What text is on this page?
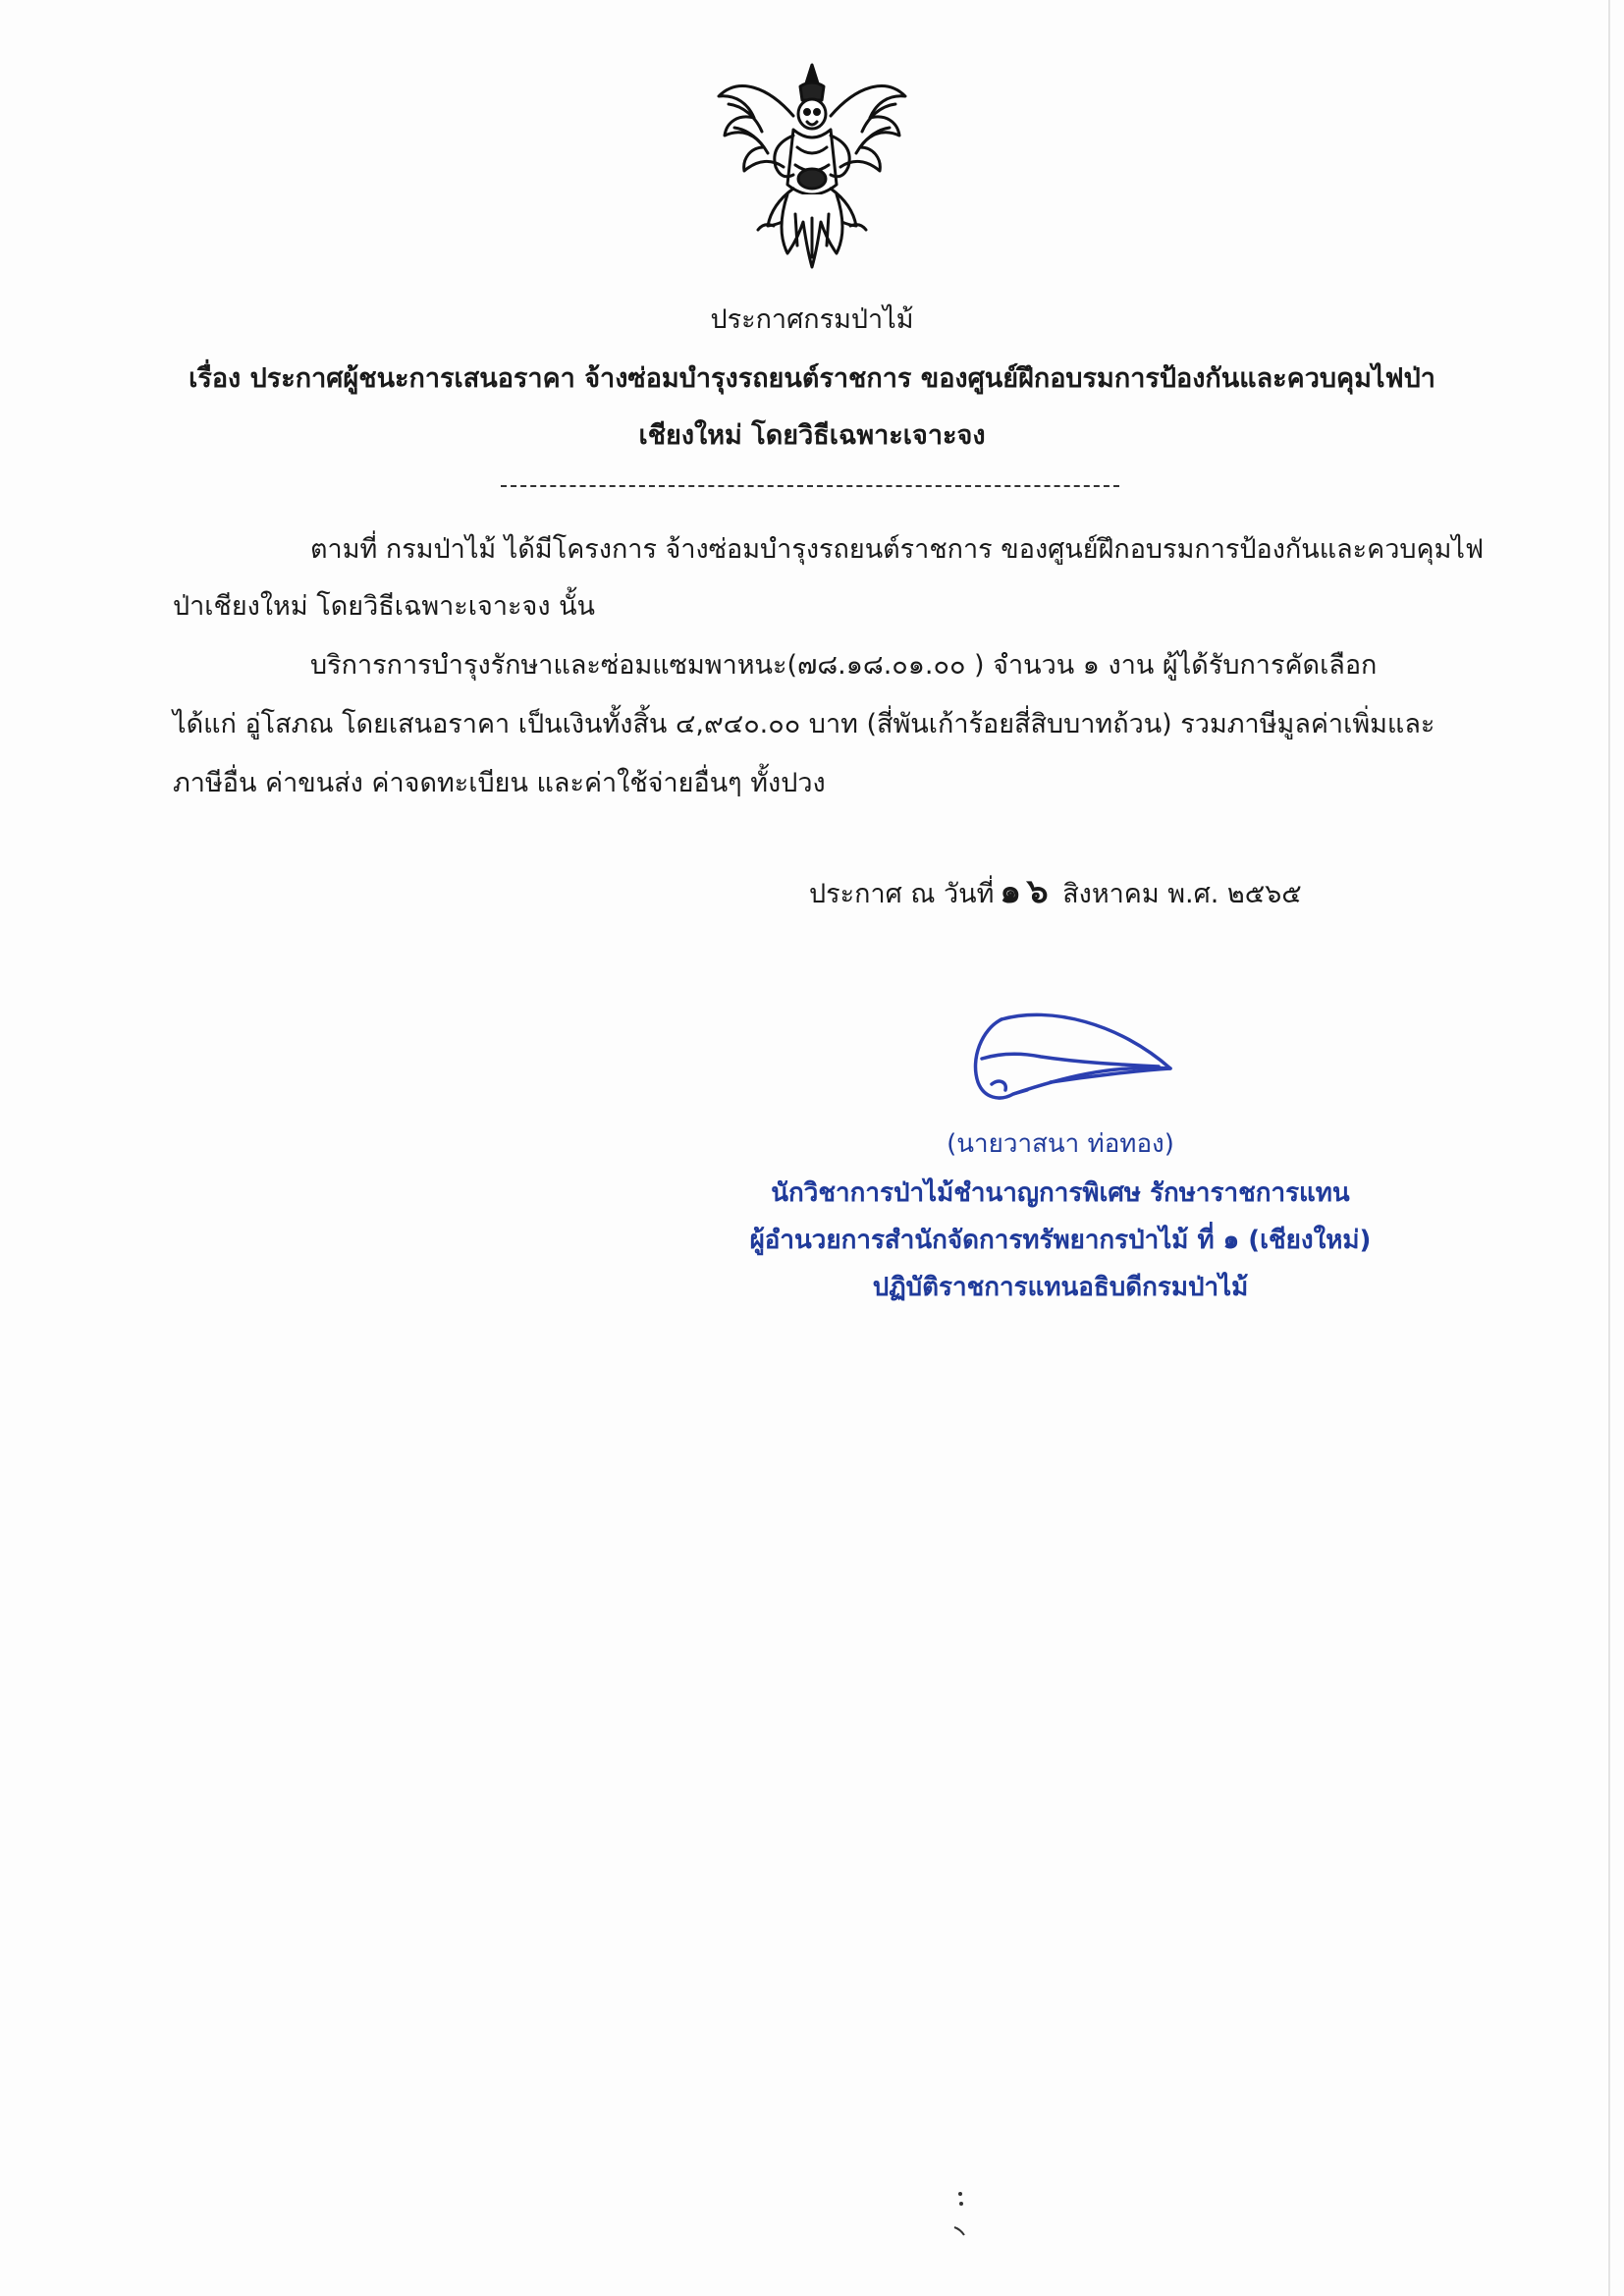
ประกาศกรมป่าไม้
เรื่อง ประกาศผู้ชนะการเสนอราคา จ้างซ่อมบำรุงรถยนต์ราชการ ของศูนย์ฝึกอบรมการป้องกันและควบคุมไฟป่า
เชียงใหม่ โดยวิธีเฉพาะเจาะจง
ตามที่ กรมป่าไม้ ได้มีโครงการ จ้างซ่อมบำรุงรถยนต์ราชการ ของศูนย์ฝึกอบรมการป้องกันและควบคุมไฟ
ป่าเชียงใหม่ โดยวิธีเฉพาะเจาะจง นั้น
บริการการบำรุงรักษาและซ่อมแซมพาหนะ(๗๘.๑๘.๐๑.๐๐ ) จำนวน ๑ งาน ผู้ได้รับการคัดเลือก
ได้แก่ อู่โสภณ โดยเสนอราคา เป็นเงินทั้งสิ้น ๔,๙๔๐.๐๐ บาท (สี่พันเก้าร้อยสี่สิบบาทถ้วน) รวมภาษีมูลค่าเพิ่มและ
ภาษีอื่น ค่าขนส่ง ค่าจดทะเบียน และค่าใช้จ่ายอื่นๆ ทั้งปวง
ประกาศ ณ วันที่ ๑๖ สิงหาคม พ.ศ. ๒๕๖๕
(นายวาสนา ท่อทอง)
นักวิชาการป่าไม้ชำนาญการพิเศษ รักษาราชการแทน
ผู้อำนวยการสำนักจัดการทรัพยากรป่าไม้ ที่ ๑ (เชียงใหม่)
ปฏิบัติราชการแทนอธิบดีกรมป่าไม้
